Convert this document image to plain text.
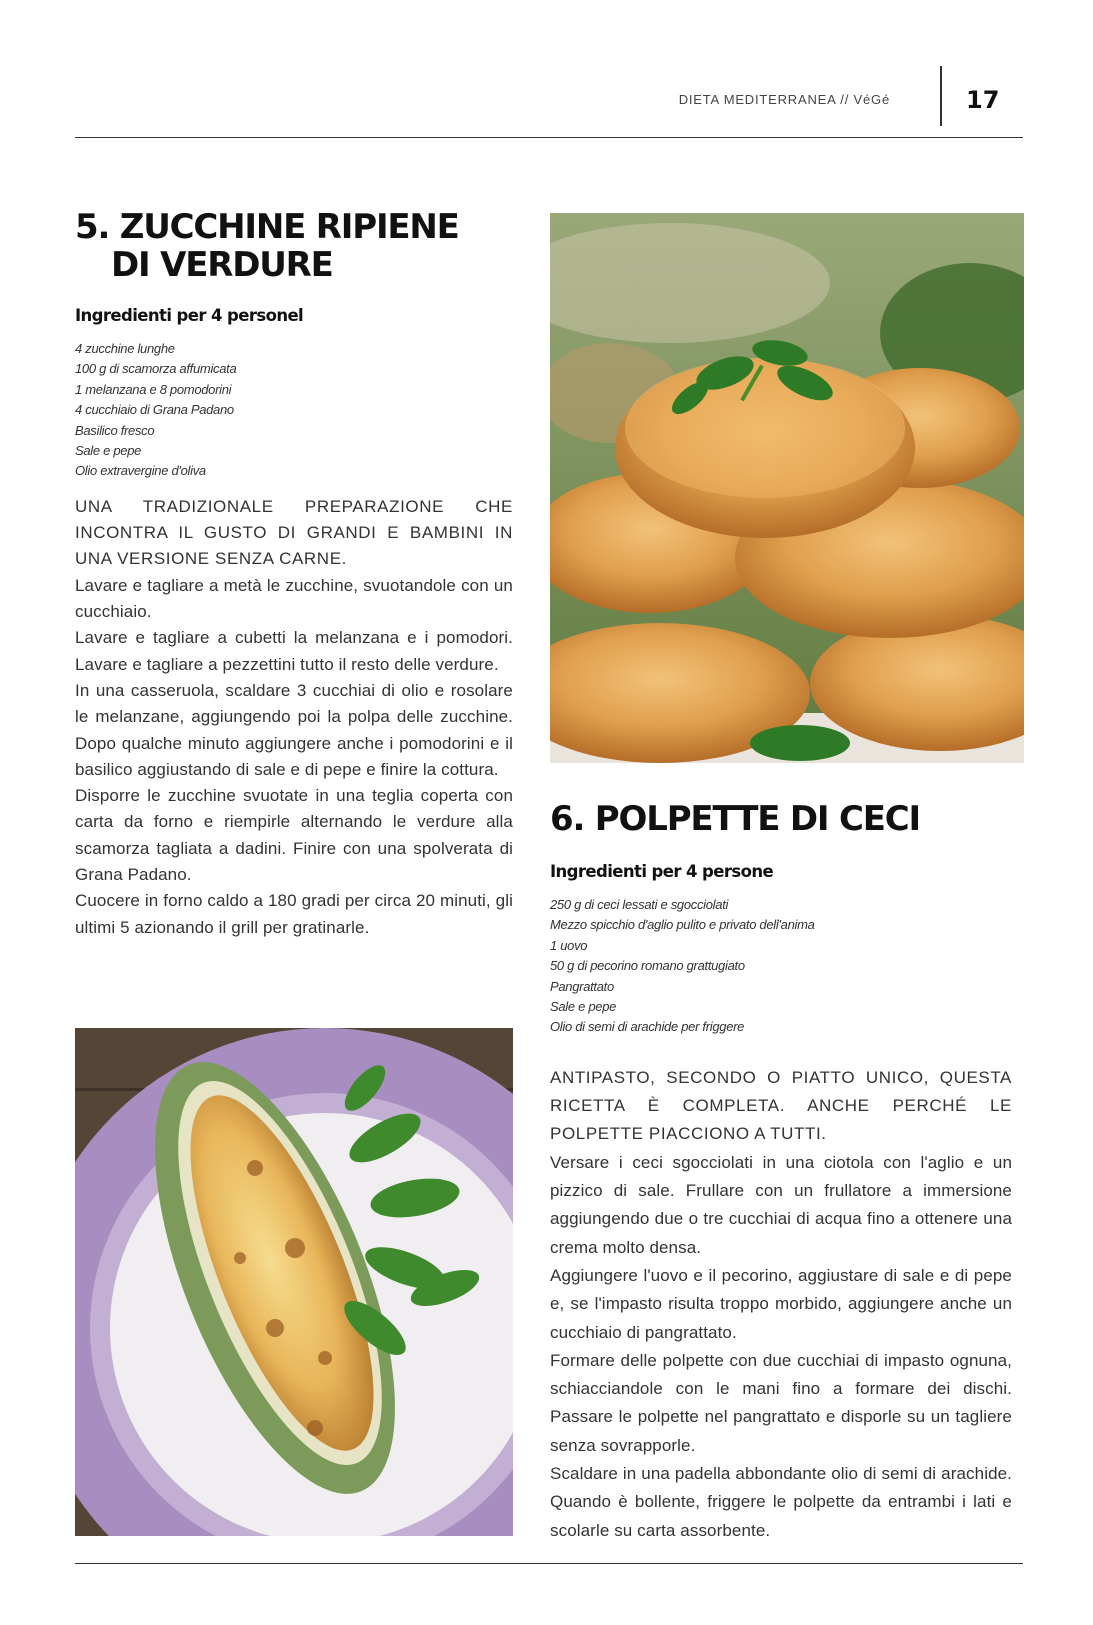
DIETA MEDITERRANEA // VéGé	17
5. ZUCCHINE RIPIENE
DI VERDURE
Ingredienti per 4 personel
4 zucchine lunghe
100 g di scamorza affumicata
1 melanzana e 8 pomodorini
4 cucchiaio di Grana Padano
Basilico fresco
Sale e pepe
Olio extravergine d'oliva

UNA TRADIZIONALE PREPARAZIONE CHE INCONTRA IL GUSTO DI GRANDI E BAMBINI IN UNA VERSIONE SENZA CARNE.

Lavare e tagliare a metà le zucchine, svuotandole con un cucchiaio.

Lavare e tagliare a cubetti la melanzana e i pomodori. Lavare e tagliare a pezzettini tutto il resto delle verdure.

In una casseruola, scaldare 3 cucchiai di olio e rosolare le melanzane, aggiungendo poi la polpa delle zucchine. Dopo qualche minuto aggiungere anche i pomodorini e il basilico aggiustando di sale e di pepe e finire la cottura.

Disporre le zucchine svuotate in una teglia coperta con carta da forno e riempirle alternando le verdure alla scamorza tagliata a dadini. Finire con una spolverata di Grana Padano.

Cuocere in forno caldo a 180 gradi per circa 20 minuti, gli ultimi 5 azionando il grill per gratinarle.

6. POLPETTE DI CECI
Ingredienti per 4 persone
250 g di ceci lessati e sgocciolati
Mezzo spicchio d'aglio pulito e privato dell'anima
1 uovo
50 g di pecorino romano grattugiato
Pangrattato
Sale e pepe
Olio di semi di arachide per friggere

ANTIPASTO, SECONDO O PIATTO UNICO, QUESTA RICETTA È COMPLETA. ANCHE PERCHÉ LE POLPETTE PIACCIONO A TUTTI.

Versare i ceci sgocciolati in una ciotola con l'aglio e un pizzico di sale. Frullare con un frullatore a immersione aggiungendo due o tre cucchiai di acqua fino a ottenere una crema molto densa.

Aggiungere l'uovo e il pecorino, aggiustare di sale e di pepe e, se l'impasto risulta troppo morbido, aggiungere anche un cucchiaio di pangrattato.

Formare delle polpette con due cucchiai di impasto ognuna, schiacciandole con le mani fino a formare dei dischi. Passare le polpette nel pangrattato e disporle su un tagliere senza sovrapporle.

Scaldare in una padella abbondante olio di semi di arachide. Quando è bollente, friggere le polpette da entrambi i lati e scolarle su carta assorbente.
